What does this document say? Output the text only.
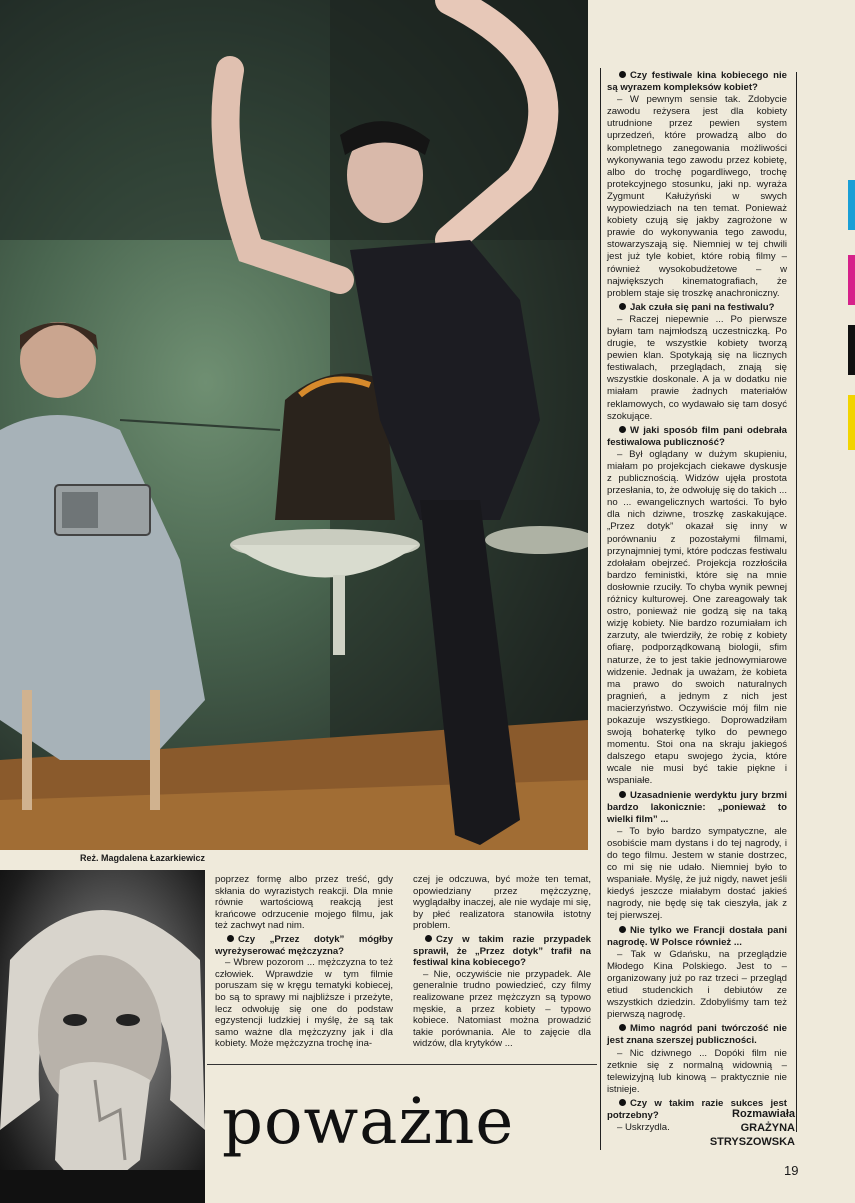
Reż. Magdalena Łazarkiewicz

Czy festiwale kina kobiecego nie są wyrazem kompleksów kobiet?

– W pewnym sensie tak. Zdobycie zawodu reżysera jest dla kobiety utrudnione przez pewien system uprzedzeń, które prowadzą albo do kompletnego zanegowania możliwości wykonywania tego zawodu przez kobietę, albo do trochę pogardliwego, trochę protekcyjnego stosunku, jaki np. wyraża Zygmunt Kałużyński w swych wypowiedziach na ten temat. Ponieważ kobiety czują się jakby zagrożone w prawie do wykonywania tego zawodu, stowarzyszają się. Niemniej w tej chwili jest już tyle kobiet, które robią filmy – również wysokobudżetowe – w największych kinematografiach, że problem staje się troszkę anachroniczny.

Jak czuła się pani na festiwalu?

– Raczej niepewnie ... Po pierwsze byłam tam najmłodszą uczestniczką. Po drugie, te wszystkie kobiety tworzą pewien klan. Spotykają się na licznych festiwalach, przeglądach, znają się wszystkie doskonale. A ja w dodatku nie miałam prawie żadnych materiałów reklamowych, co wydawało się tam dosyć szokujące.

W jaki sposób film pani odebrała festiwalowa publiczność?

– Był oglądany w dużym skupieniu, miałam po projekcjach ciekawe dyskusje z publicznością. Widzów ujęła prostota przesłania, to, że odwołuję się do takich ... no ... ewangelicznych wartości. To było dla nich dziwne, troszkę zaskakujące. „Przez dotyk” okazał się inny w porównaniu z pozostałymi filmami, przynajmniej tymi, które podczas festiwalu zdołałam obejrzeć. Projekcja rozzłościła bardzo feministki, które się na mnie dosłownie rzuciły. To chyba wynik pewnej różnicy kulturowej. One zareagowały tak ostro, ponieważ nie godzą się na taką wizję kobiety. Nie bardzo rozumiałam ich zarzuty, ale twierdziły, że robię z kobiety ofiarę, podporządkowaną biologii, sfim naturze, że to jest takie jednowymiarowe widzenie. Jednak ja uważam, że kobieta ma prawo do swoich naturalnych pragnień, a jednym z nich jest macierzyństwo. Oczywiście mój film nie pokazuje wszystkiego. Doprowadziłam swoją bohaterkę tylko do pewnego momentu. Stoi ona na skraju jakiegoś dalszego etapu swojego życia, które wcale nie musi być takie piękne i wspaniałe.

Uzasadnienie werdyktu jury brzmi bardzo lakonicznie: „ponieważ to wielki film” ...

– To było bardzo sympatyczne, ale osobiście mam dystans i do tej nagrody, i do tego filmu. Jestem w stanie dostrzec, co mi się nie udało. Niemniej było to wspaniałe. Myślę, że już nigdy, nawet jeśli kiedyś jeszcze miałabym dostać jakieś nagrody, nie będę się tak cieszyła, jak z tej pierwszej.

Nie tylko we Francji dostała pani nagrodę. W Polsce również ...

– Tak w Gdańsku, na przeglądzie Młodego Kina Polskiego. Jest to – organizowany już po raz trzeci – przegląd etiud studenckich i debiutów ze wszystkich dziedzin. Zdobyliśmy tam też pierwszą nagrodę.

Mimo nagród pani twórczość nie jest znana szerszej publiczności.

– Nic dziwnego ... Dopóki film nie zetknie się z normalną widownią – telewizyjną lub kinową – praktycznie nie istnieje.

Czy w takim razie sukces jest potrzebny?

– Uskrzydla.

poprzez formę albo przez treść, gdy skłania do wyrazistych reakcji. Dla mnie równie wartościową reakcją jest krańcowe odrzucenie mojego filmu, jak też zachwyt nad nim.

Czy „Przez dotyk” mógłby wyreżyserować mężczyzna?

– Wbrew pozorom ... mężczyzna to też człowiek. Wprawdzie w tym filmie poruszam się w kręgu tematyki kobiecej, bo są to sprawy mi najbliższe i przeżyte, lecz odwołuję się one do podstaw egzystencji ludzkiej i myślę, że są tak samo ważne dla mężczyzny jak i dla kobiety. Może mężczyzna trochę ina-

czej je odczuwa, być może ten temat, opowiedziany przez mężczyznę, wyglądałby inaczej, ale nie wydaje mi się, by płeć realizatora stanowiła istotny problem.

Czy w takim razie przypadek sprawił, że „Przez dotyk” trafił na festiwal kina kobiecego?

– Nie, oczywiście nie przypadek. Ale generalnie trudno powiedzieć, czy filmy realizowane przez mężczyzn są typowo męskie, a przez kobiety – typowo kobiece. Natomiast można prowadzić takie porównania. Ale to zajęcie dla widzów, dla krytyków ...

poważne	Rozmawiała
GRAŻYNA
STRYSZOWSKA
19
